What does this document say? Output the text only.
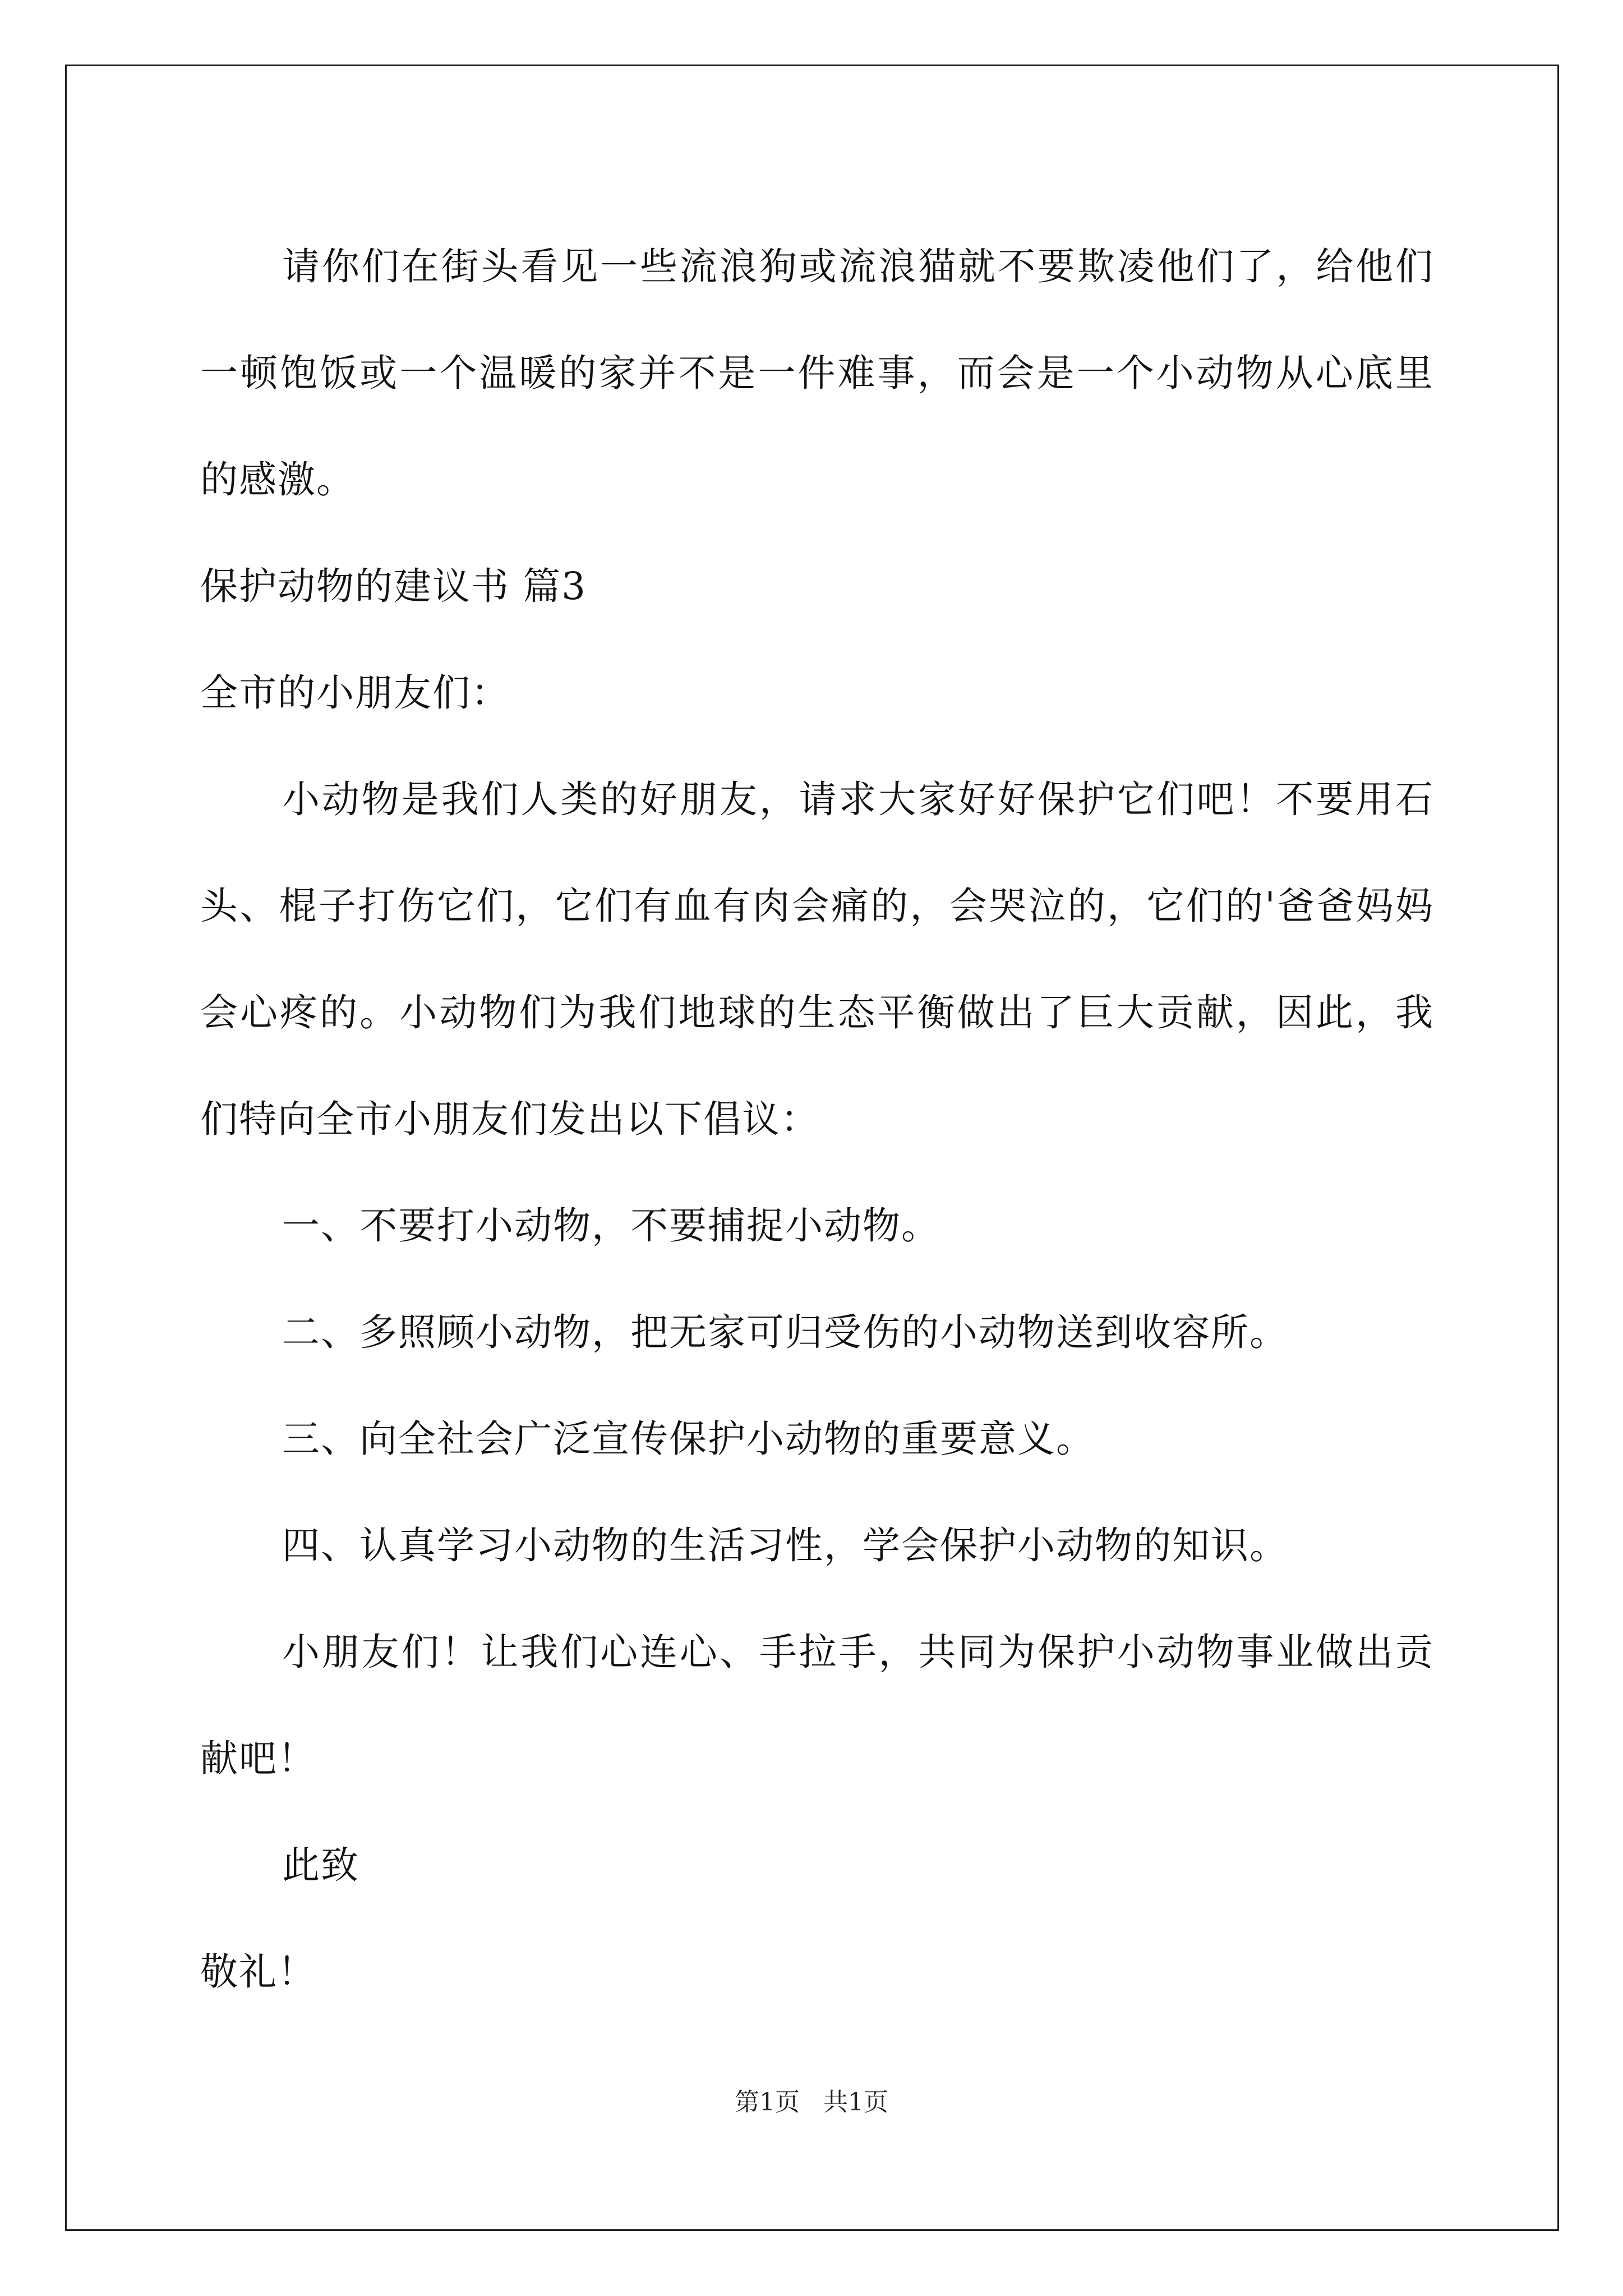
请你们在街头看见一些流浪狗或流浪猫就不要欺凌他们了，给他们一顿饱饭或一个温暖的家并不是一件难事，而会是一个小动物从心底里的感激。

保护动物的建议书 篇3

全市的小朋友们：

小动物是我们人类的好朋友，请求大家好好保护它们吧！不要用石头、棍子打伤它们，它们有血有肉会痛的，会哭泣的，它们的'爸爸妈妈会心疼的。小动物们为我们地球的生态平衡做出了巨大贡献，因此，我们特向全市小朋友们发出以下倡议：

一、不要打小动物，不要捕捉小动物。

二、多照顾小动物，把无家可归受伤的小动物送到收容所。

三、向全社会广泛宣传保护小动物的重要意义。

四、认真学习小动物的生活习性，学会保护小动物的知识。

小朋友们！让我们心连心、手拉手，共同为保护小动物事业做出贡献吧！

此致

敬礼！

第1页 共1页
